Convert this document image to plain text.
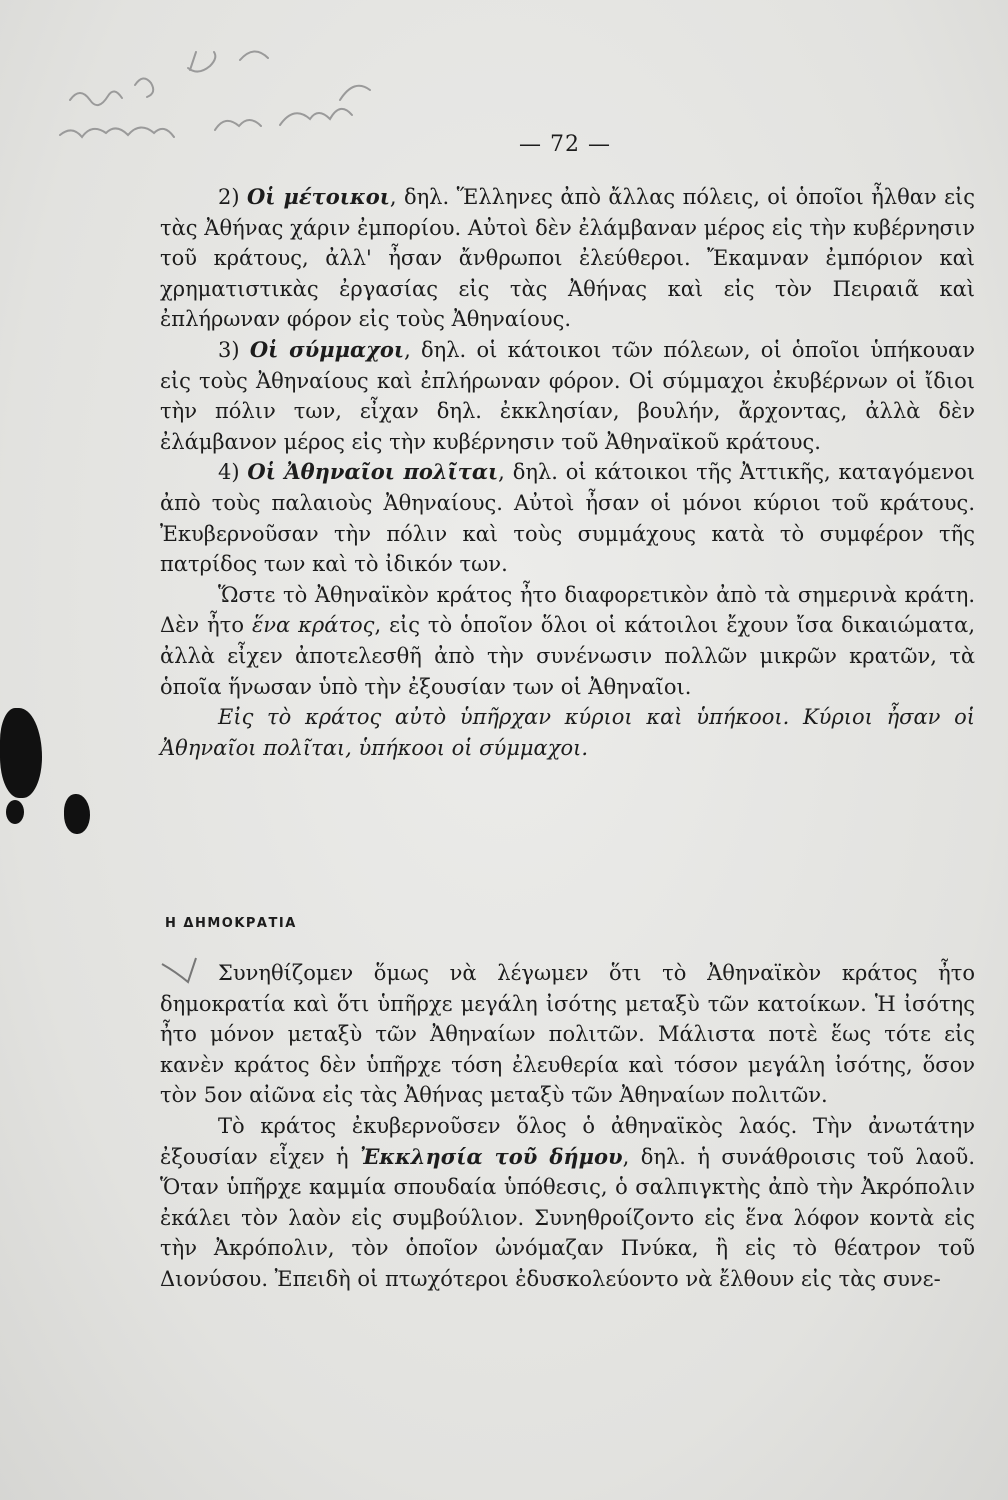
— 72 —

2) Οἱ μέτοικοι, δηλ. Ἕλληνες ἀπὸ ἄλλας πόλεις, οἱ ὁποῖοι ἦλθαν εἰς τὰς Ἀθήνας χάριν ἐμπορίου. Αὐτοὶ δὲν ἐλάμβαναν μέρος εἰς τὴν κυβέρνησιν τοῦ κράτους, ἀλλ' ἦσαν ἄνθρωποι ἐλεύθεροι. Ἔκαμναν ἐμπόριον καὶ χρηματιστικὰς ἐργασίας εἰς τὰς Ἀθήνας καὶ εἰς τὸν Πειραιᾶ καὶ ἐπλήρωναν φόρον εἰς τοὺς Ἀθηναίους.

3) Οἱ σύμμαχοι, δηλ. οἱ κάτοικοι τῶν πόλεων, οἱ ὁποῖοι ὑπήκουαν εἰς τοὺς Ἀθηναίους καὶ ἐπλήρωναν φόρον. Οἱ σύμμαχοι ἐκυβέρνων οἱ ἴδιοι τὴν πόλιν των, εἶχαν δηλ. ἐκκλησίαν, βουλήν, ἄρχοντας, ἀλλὰ δὲν ἐλάμβανον μέρος εἰς τὴν κυβέρνησιν τοῦ Ἀθηναϊκοῦ κράτους.

4) Οἱ Ἀθηναῖοι πολῖται, δηλ. οἱ κάτοικοι τῆς Ἀττικῆς, καταγόμενοι ἀπὸ τοὺς παλαιοὺς Ἀθηναίους. Αὐτοὶ ἦσαν οἱ μόνοι κύριοι τοῦ κράτους. Ἐκυβερνοῦσαν τὴν πόλιν καὶ τοὺς συμμάχους κατὰ τὸ συμφέρον τῆς πατρίδος των καὶ τὸ ἰδικόν των.

Ὥστε τὸ Ἀθηναϊκὸν κράτος ἦτο διαφορετικὸν ἀπὸ τὰ σημερινὰ κράτη. Δὲν ἦτο ἕνα κράτος, εἰς τὸ ὁποῖον ὅλοι οἱ κάτοιλοι ἔχουν ἴσα δικαιώματα, ἀλλὰ εἶχεν ἀποτελεσθῆ ἀπὸ τὴν συνένωσιν πολλῶν μικρῶν κρατῶν, τὰ ὁποῖα ἥνωσαν ὑπὸ τὴν ἐξουσίαν των οἱ Ἀθηναῖοι.

Εἰς τὸ κράτος αὐτὸ ὑπῆρχαν κύριοι καὶ ὑπήκοοι. Κύριοι ἦσαν οἱ Ἀθηναῖοι πολῖται, ὑπήκοοι οἱ σύμμαχοι.

Η ΔΗΜΟΚΡΑΤΙΑ

Συνηθίζομεν ὅμως νὰ λέγωμεν ὅτι τὸ Ἀθηναϊκὸν κράτος ἦτο δημοκρατία καὶ ὅτι ὑπῆρχε μεγάλη ἰσότης μεταξὺ τῶν κατοίκων. Ἡ ἰσότης ἦτο μόνον μεταξὺ τῶν Ἀθηναίων πολιτῶν. Μάλιστα ποτὲ ἕως τότε εἰς κανὲν κράτος δὲν ὑπῆρχε τόση ἐλευθερία καὶ τόσον μεγάλη ἰσότης, ὅσον τὸν 5ον αἰῶνα εἰς τὰς Ἀθήνας μεταξὺ τῶν Ἀθηναίων πολιτῶν.

Τὸ κράτος ἐκυβερνοῦσεν ὅλος ὁ ἀθηναϊκὸς λαός. Τὴν ἀνωτάτην ἐξουσίαν εἶχεν ἡ Ἐκκλησία τοῦ δήμου, δηλ. ἡ συνάθροισις τοῦ λαοῦ. Ὅταν ὑπῆρχε καμμία σπουδαία ὑπόθεσις, ὁ σαλπιγκτὴς ἀπὸ τὴν Ἀκρόπολιν ἐκάλει τὸν λαὸν εἰς συμβούλιον. Συνηθροίζοντο εἰς ἕνα λόφον κοντὰ εἰς τὴν Ἀκρόπολιν, τὸν ὁποῖον ὠνόμαζαν Πνύκα, ἢ εἰς τὸ θέατρον τοῦ Διονύσου. Ἐπειδὴ οἱ πτωχότεροι ἐδυσκολεύοντο νὰ ἔλθουν εἰς τὰς συνε-
